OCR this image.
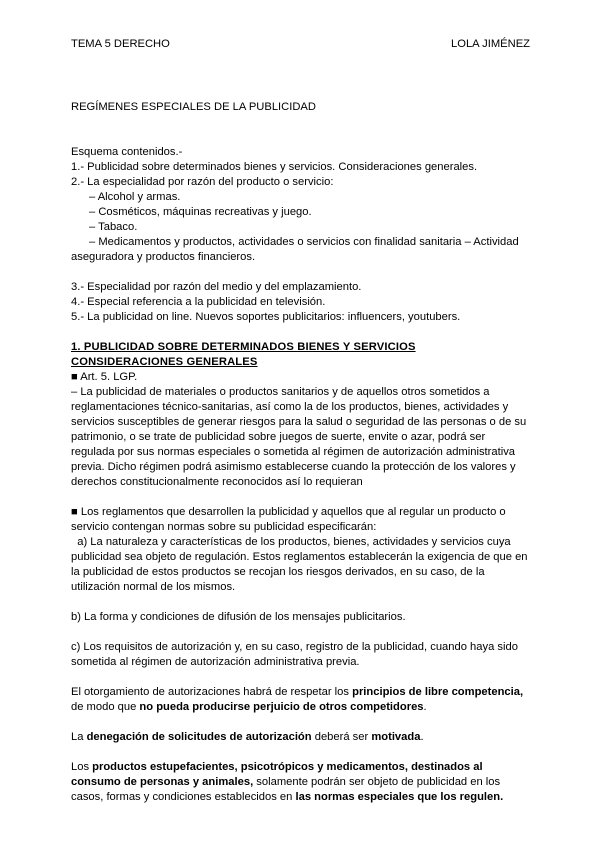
TEMA 5 DERECHO	LOLA JIMÉNEZ

REGÍMENES ESPECIALES DE LA PUBLICIDAD

Esquema contenidos.-

1.- Publicidad sobre determinados bienes y servicios. Consideraciones generales.

2.- La especialidad por razón del producto o servicio:

– Alcohol y armas.

– Cosméticos, máquinas recreativas y juego.

– Tabaco.

– Medicamentos y productos, actividades o servicios con finalidad sanitaria – Actividad

aseguradora y productos financieros.

3.- Especialidad por razón del medio y del emplazamiento.

4.- Especial referencia a la publicidad en televisión.

5.- La publicidad on line. Nuevos soportes publicitarios: influencers, youtubers.

1. PUBLICIDAD SOBRE DETERMINADOS BIENES Y SERVICIOS CONSIDERACIONES GENERALES

■ Art. 5. LGP.

– La publicidad de materiales o productos sanitarios y de aquellos otros sometidos a reglamentaciones técnico-sanitarias, así como la de los productos, bienes, actividades y servicios susceptibles de generar riesgos para la salud o seguridad de las personas o de su patrimonio, o se trate de publicidad sobre juegos de suerte, envite o azar, podrá ser regulada por sus normas especiales o sometida al régimen de autorización administrativa previa. Dicho régimen podrá asimismo establecerse cuando la protección de los valores y derechos constitucionalmente reconocidos así lo requieran

■ Los reglamentos que desarrollen la publicidad y aquellos que al regular un producto o servicio contengan normas sobre su publicidad especificarán:

a) La naturaleza y características de los productos, bienes, actividades y servicios cuya publicidad sea objeto de regulación. Estos reglamentos establecerán la exigencia de que en la publicidad de estos productos se recojan los riesgos derivados, en su caso, de la utilización normal de los mismos.

b) La forma y condiciones de difusión de los mensajes publicitarios.

c) Los requisitos de autorización y, en su caso, registro de la publicidad, cuando haya sido sometida al régimen de autorización administrativa previa.

El otorgamiento de autorizaciones habrá de respetar los principios de libre competencia, de modo que no pueda producirse perjuicio de otros competidores.

La denegación de solicitudes de autorización deberá ser motivada.

Los productos estupefacientes, psicotrópicos y medicamentos, destinados al consumo de personas y animales, solamente podrán ser objeto de publicidad en los casos, formas y condiciones establecidos en las normas especiales que los regulen.
